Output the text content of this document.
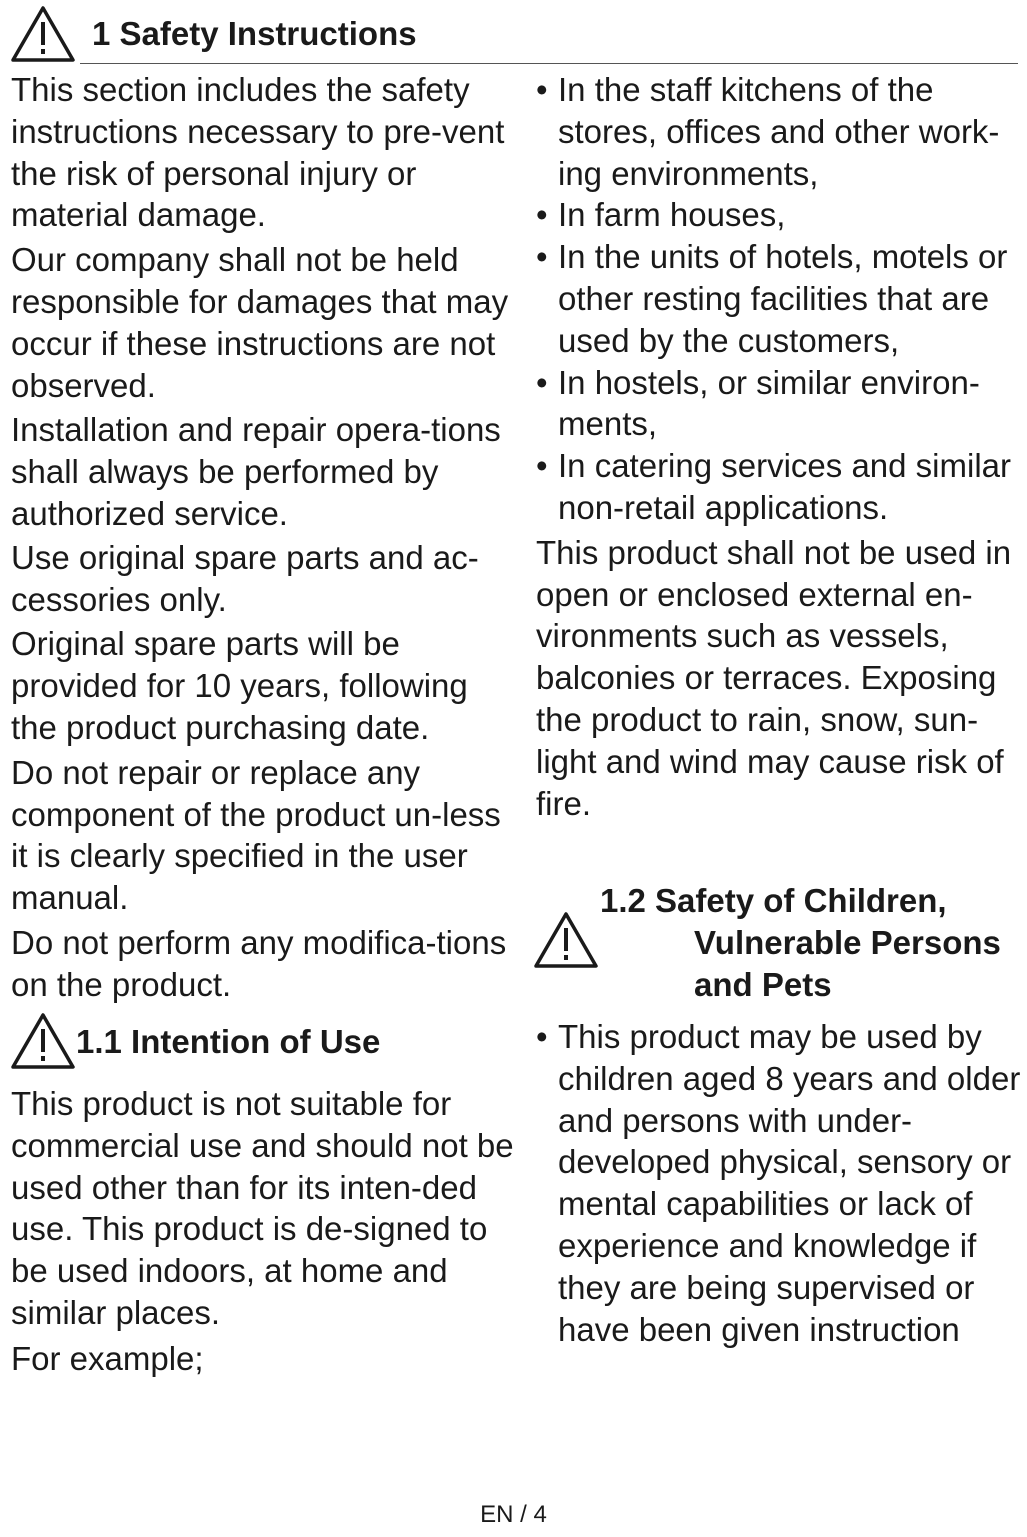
1 Safety Instructions

This section includes the safety instructions necessary to pre-vent the risk of personal injury or material damage.

Our company shall not be held responsible for damages that may occur if these instructions are not observed.

Installation and repair opera-tions shall always be performed by authorized service.

Use original spare parts and ac-cessories only.

Original spare parts will be provided for 10 years, following the product purchasing date.

Do not repair or replace any component of the product un-less it is clearly specified in the user manual.

Do not perform any modifica-tions on the product.

1.1 Intention of Use

This product is not suitable for commercial use and should not be used other than for its inten-ded use. This product is de-signed to be used indoors, at home and similar places.

For example;

• In the staff kitchens of the stores, offices and other work-ing environments,

• In farm houses,

• In the units of hotels, motels or other resting facilities that are used by the customers,

• In hostels, or similar environ-ments,

• In catering services and similar non-retail applications.

This product shall not be used in open or enclosed external en-vironments such as vessels, balconies or terraces. Exposing the product to rain, snow, sun-light and wind may cause risk of fire.

1.2 Safety of Children,
Vulnerable Persons
and Pets

• This product may be used by children aged 8 years and older and persons with under-developed physical, sensory or mental capabilities or lack of experience and knowledge if they are being supervised or have been given instruction

EN / 4
